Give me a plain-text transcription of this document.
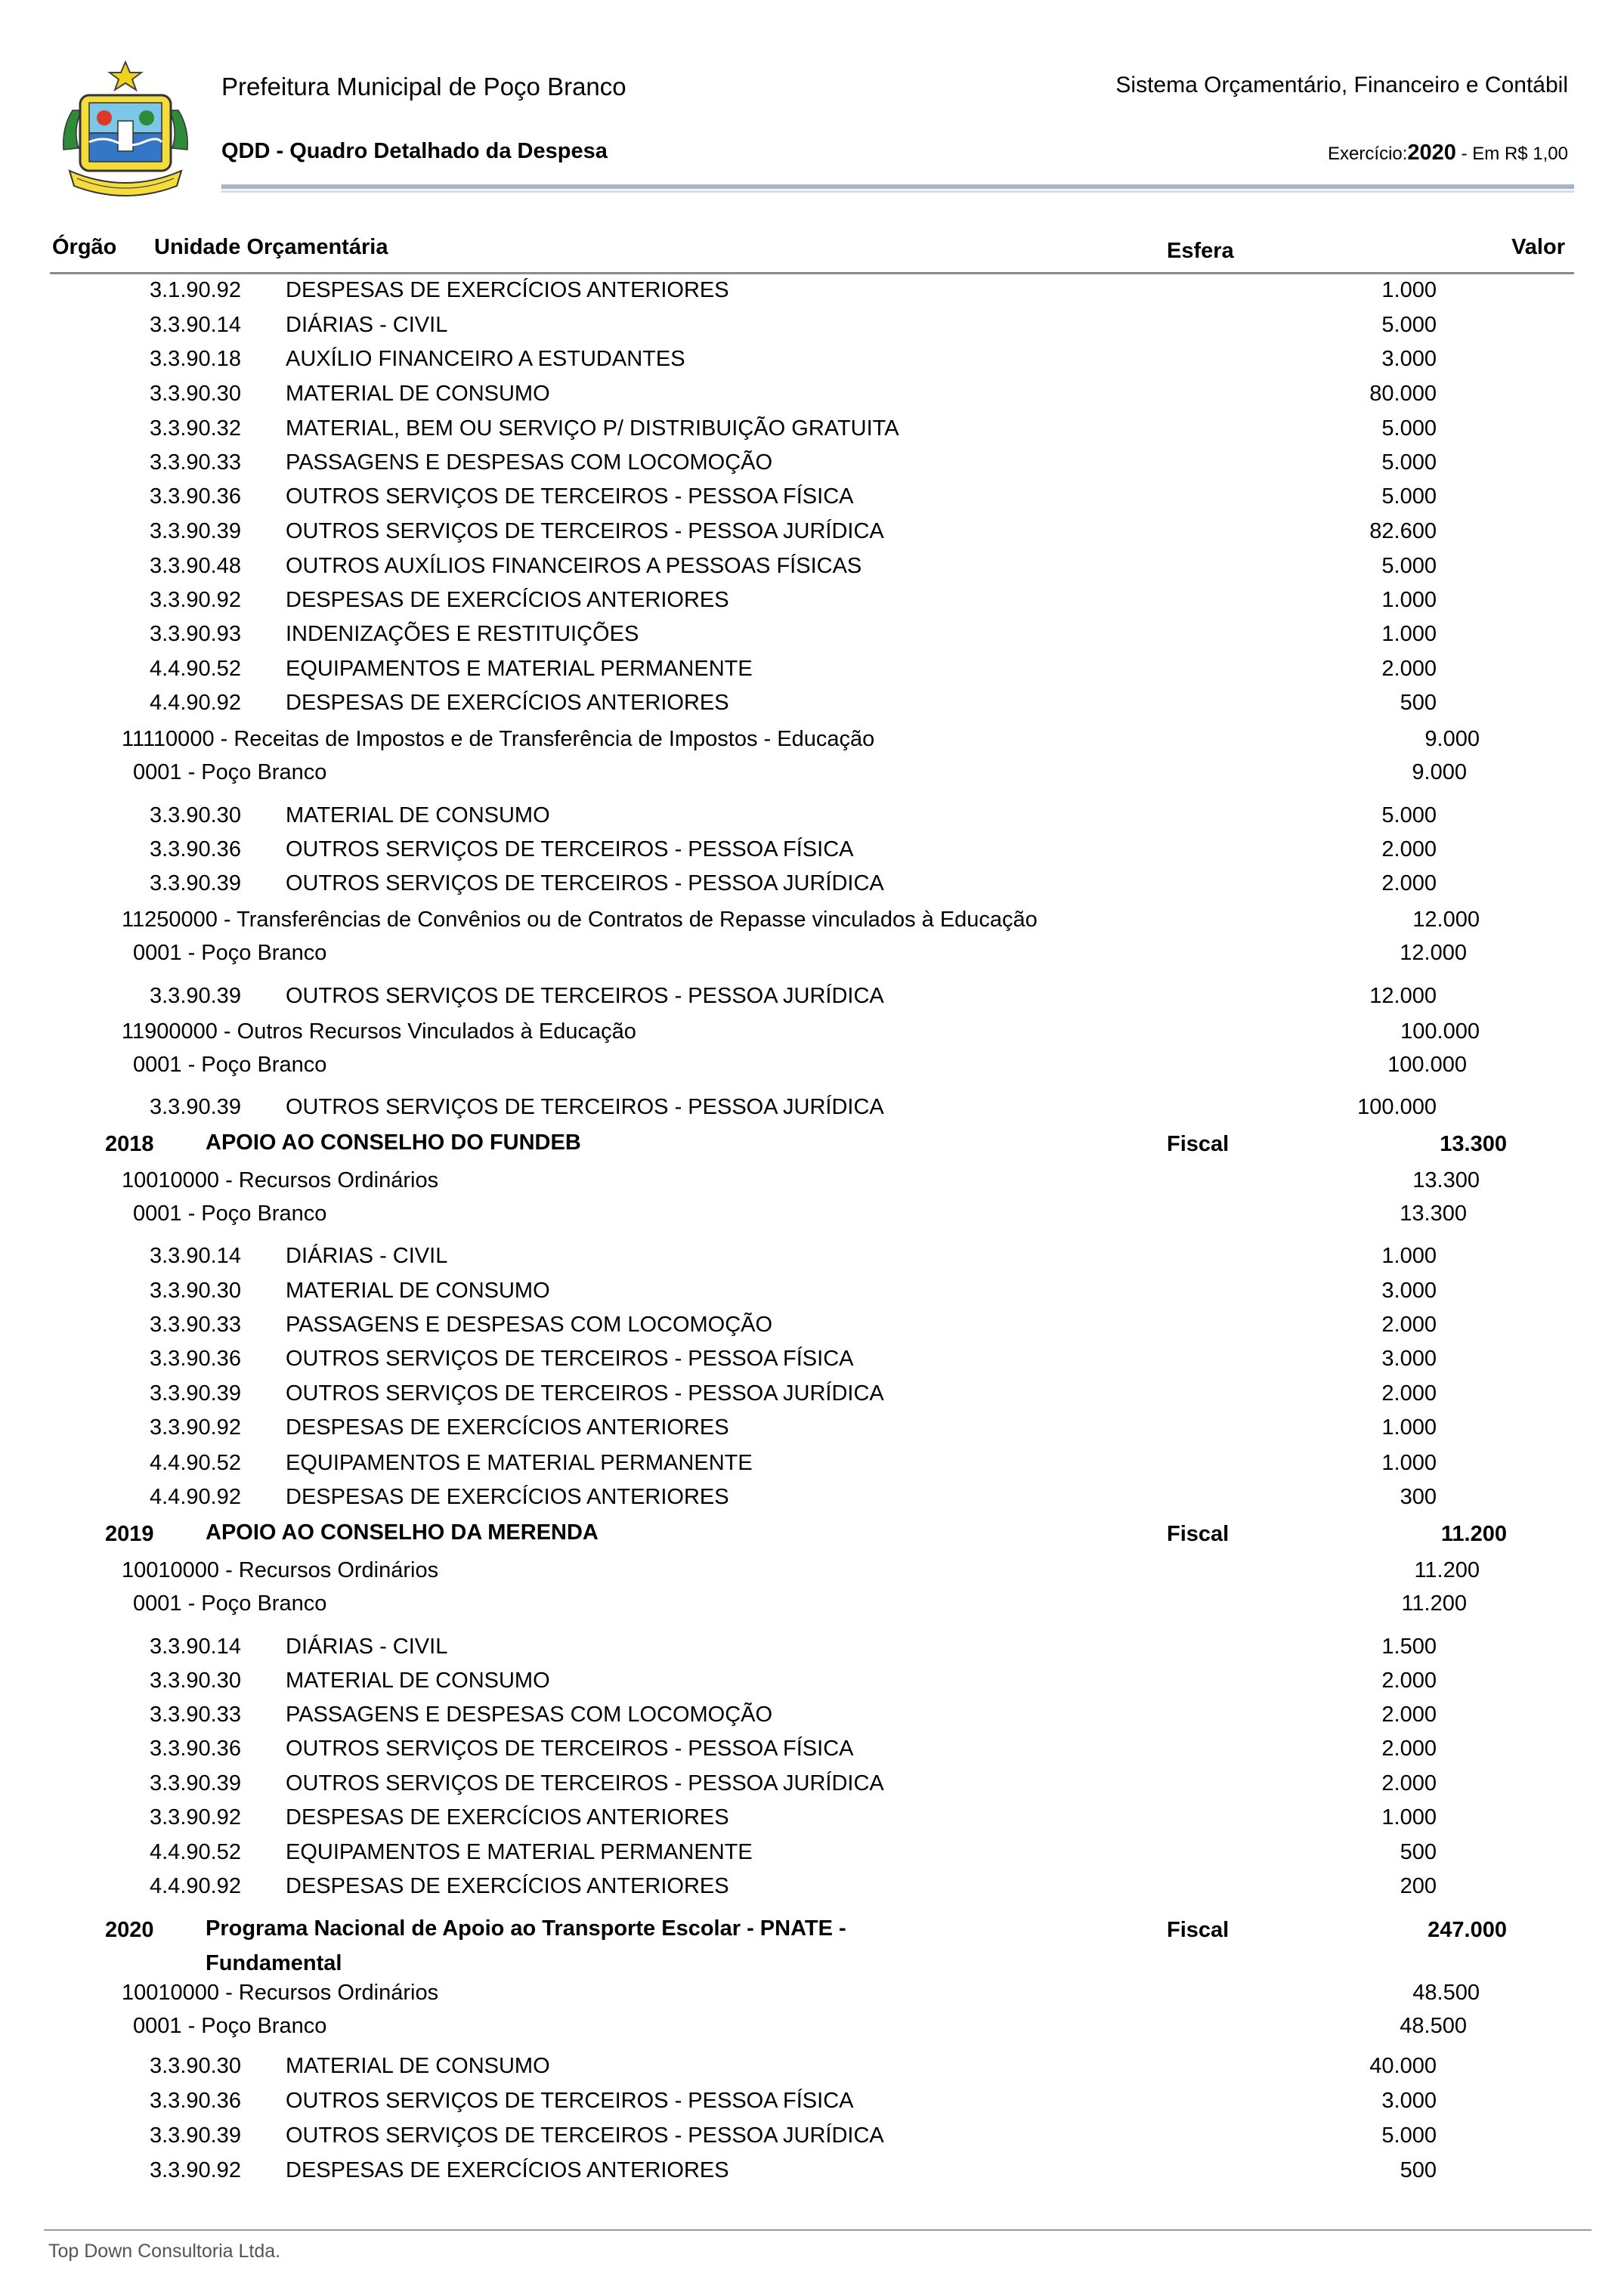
Prefeitura Municipal de Poço Branco	Sistema Orçamentário, Financeiro e Contábil
QDD - Quadro Detalhado da Despesa	Exercício:2020 - Em R$ 1,00
Órgão Unidade Orçamentária	Esfera	Valor
3.1.90.92 DESPESAS DE EXERCÍCIOS ANTERIORES	1.000
3.3.90.14 DIÁRIAS - CIVIL	5.000
3.3.90.18 AUXÍLIO FINANCEIRO A ESTUDANTES	3.000
3.3.90.30 MATERIAL DE CONSUMO	80.000
3.3.90.32 MATERIAL, BEM OU SERVIÇO P/ DISTRIBUIÇÃO GRATUITA	5.000
3.3.90.33 PASSAGENS E DESPESAS COM LOCOMOÇÃO	5.000
3.3.90.36 OUTROS SERVIÇOS DE TERCEIROS - PESSOA FÍSICA	5.000
3.3.90.39 OUTROS SERVIÇOS DE TERCEIROS - PESSOA JURÍDICA	82.600
3.3.90.48 OUTROS AUXÍLIOS FINANCEIROS A PESSOAS FÍSICAS	5.000
3.3.90.92 DESPESAS DE EXERCÍCIOS ANTERIORES	1.000
3.3.90.93 INDENIZAÇÕES E RESTITUIÇÕES	1.000
4.4.90.52 EQUIPAMENTOS E MATERIAL PERMANENTE	2.000
4.4.90.92 DESPESAS DE EXERCÍCIOS ANTERIORES	500
11110000 - Receitas de Impostos e de Transferência de Impostos - Educação	9.000
0001 - Poço Branco	9.000
3.3.90.30 MATERIAL DE CONSUMO	5.000
3.3.90.36 OUTROS SERVIÇOS DE TERCEIROS - PESSOA FÍSICA	2.000
3.3.90.39 OUTROS SERVIÇOS DE TERCEIROS - PESSOA JURÍDICA	2.000
11250000 - Transferências de Convênios ou de Contratos de Repasse vinculados à Educação	12.000
0001 - Poço Branco	12.000
3.3.90.39 OUTROS SERVIÇOS DE TERCEIROS - PESSOA JURÍDICA	12.000
11900000 - Outros Recursos Vinculados à Educação	100.000
0001 - Poço Branco	100.000
3.3.90.39 OUTROS SERVIÇOS DE TERCEIROS - PESSOA JURÍDICA	100.000
2018 APOIO AO CONSELHO DO FUNDEB	Fiscal	13.300
10010000 - Recursos Ordinários	13.300
0001 - Poço Branco	13.300
3.3.90.14 DIÁRIAS - CIVIL	1.000
3.3.90.30 MATERIAL DE CONSUMO	3.000
3.3.90.33 PASSAGENS E DESPESAS COM LOCOMOÇÃO	2.000
3.3.90.36 OUTROS SERVIÇOS DE TERCEIROS - PESSOA FÍSICA	3.000
3.3.90.39 OUTROS SERVIÇOS DE TERCEIROS - PESSOA JURÍDICA	2.000
3.3.90.92 DESPESAS DE EXERCÍCIOS ANTERIORES	1.000
4.4.90.52 EQUIPAMENTOS E MATERIAL PERMANENTE	1.000
4.4.90.92 DESPESAS DE EXERCÍCIOS ANTERIORES	300
2019 APOIO AO CONSELHO DA MERENDA	Fiscal	11.200
10010000 - Recursos Ordinários	11.200
0001 - Poço Branco	11.200
3.3.90.14 DIÁRIAS - CIVIL	1.500
3.3.90.30 MATERIAL DE CONSUMO	2.000
3.3.90.33 PASSAGENS E DESPESAS COM LOCOMOÇÃO	2.000
3.3.90.36 OUTROS SERVIÇOS DE TERCEIROS - PESSOA FÍSICA	2.000
3.3.90.39 OUTROS SERVIÇOS DE TERCEIROS - PESSOA JURÍDICA	2.000
3.3.90.92 DESPESAS DE EXERCÍCIOS ANTERIORES	1.000
4.4.90.52 EQUIPAMENTOS E MATERIAL PERMANENTE	500
4.4.90.92 DESPESAS DE EXERCÍCIOS ANTERIORES	200
2020 Programa Nacional de Apoio ao Transporte Escolar - PNATE -
Fundamental
Fiscal	247.000
10010000 - Recursos Ordinários	48.500
0001 - Poço Branco	48.500
3.3.90.30 MATERIAL DE CONSUMO	40.000
3.3.90.36 OUTROS SERVIÇOS DE TERCEIROS - PESSOA FÍSICA	3.000
3.3.90.39 OUTROS SERVIÇOS DE TERCEIROS - PESSOA JURÍDICA	5.000
3.3.90.92 DESPESAS DE EXERCÍCIOS ANTERIORES	500
Top Down Consultoria Ltda.
